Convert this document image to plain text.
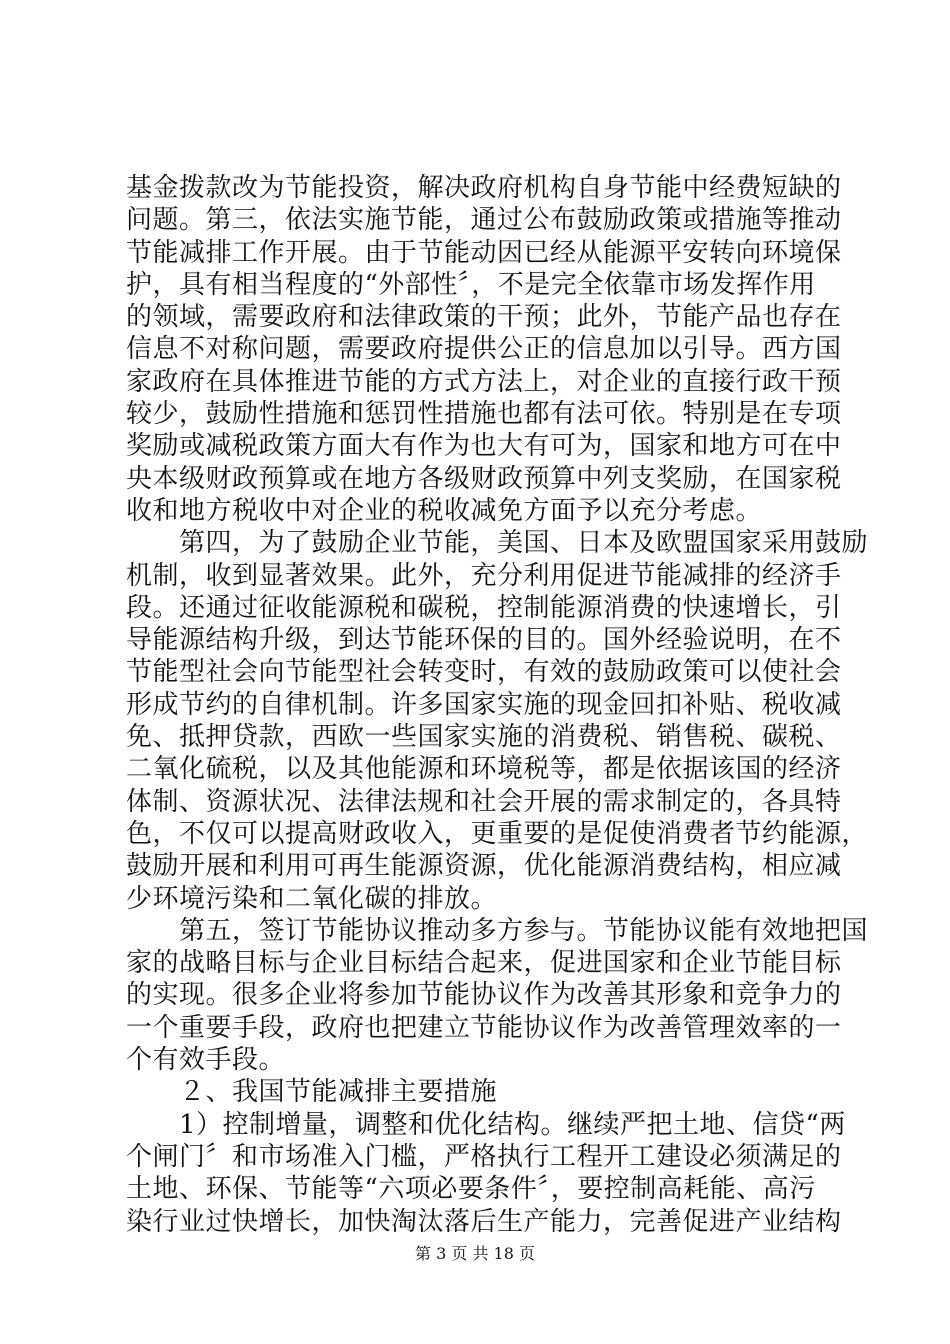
基金拨款改为节能投资，解决政府机构自身节能中经费短缺的
问题。第三，依法实施节能，通过公布鼓励政策或措施等推动
节能减排工作开展。由于节能动因已经从能源平安转向环境保
护，具有相当程度的“外部性〞，不是完全依靠市场发挥作用
的领域，需要政府和法律政策的干预；此外，节能产品也存在
信息不对称问题，需要政府提供公正的信息加以引导。西方国
家政府在具体推进节能的方式方法上，对企业的直接行政干预
较少，鼓励性措施和惩罚性措施也都有法可依。特别是在专项
奖励或减税政策方面大有作为也大有可为，国家和地方可在中
央本级财政预算或在地方各级财政预算中列支奖励，在国家税
收和地方税收中对企业的税收减免方面予以充分考虑。
　　第四，为了鼓励企业节能，美国、日本及欧盟国家采用鼓励
机制，收到显著效果。此外，充分利用促进节能减排的经济手
段。还通过征收能源税和碳税，控制能源消费的快速增长，引
导能源结构升级，到达节能环保的目的。国外经验说明，在不
节能型社会向节能型社会转变时，有效的鼓励政策可以使社会
形成节约的自律机制。许多国家实施的现金回扣补贴、税收减
免、抵押贷款，西欧一些国家实施的消费税、销售税、碳税、
二氧化硫税，以及其他能源和环境税等，都是依据该国的经济
体制、资源状况、法律法规和社会开展的需求制定的，各具特
色，不仅可以提高财政收入，更重要的是促使消费者节约能源，
鼓励开展和利用可再生能源资源，优化能源消费结构，相应减
少环境污染和二氧化碳的排放。
　　第五，签订节能协议推动多方参与。节能协议能有效地把国
家的战略目标与企业目标结合起来，促进国家和企业节能目标
的实现。很多企业将参加节能协议作为改善其形象和竞争力的
一个重要手段，政府也把建立节能协议作为改善管理效率的一
个有效手段。
　　２、我国节能减排主要措施
　　1）控制增量，调整和优化结构。继续严把土地、信贷“两
个闸门〞和市场准入门槛，严格执行工程开工建设必须满足的
土地、环保、节能等“六项必要条件〞，要控制高耗能、高污
染行业过快增长，加快淘汰落后生产能力，完善促进产业结构
第 3 页 共 18 页
